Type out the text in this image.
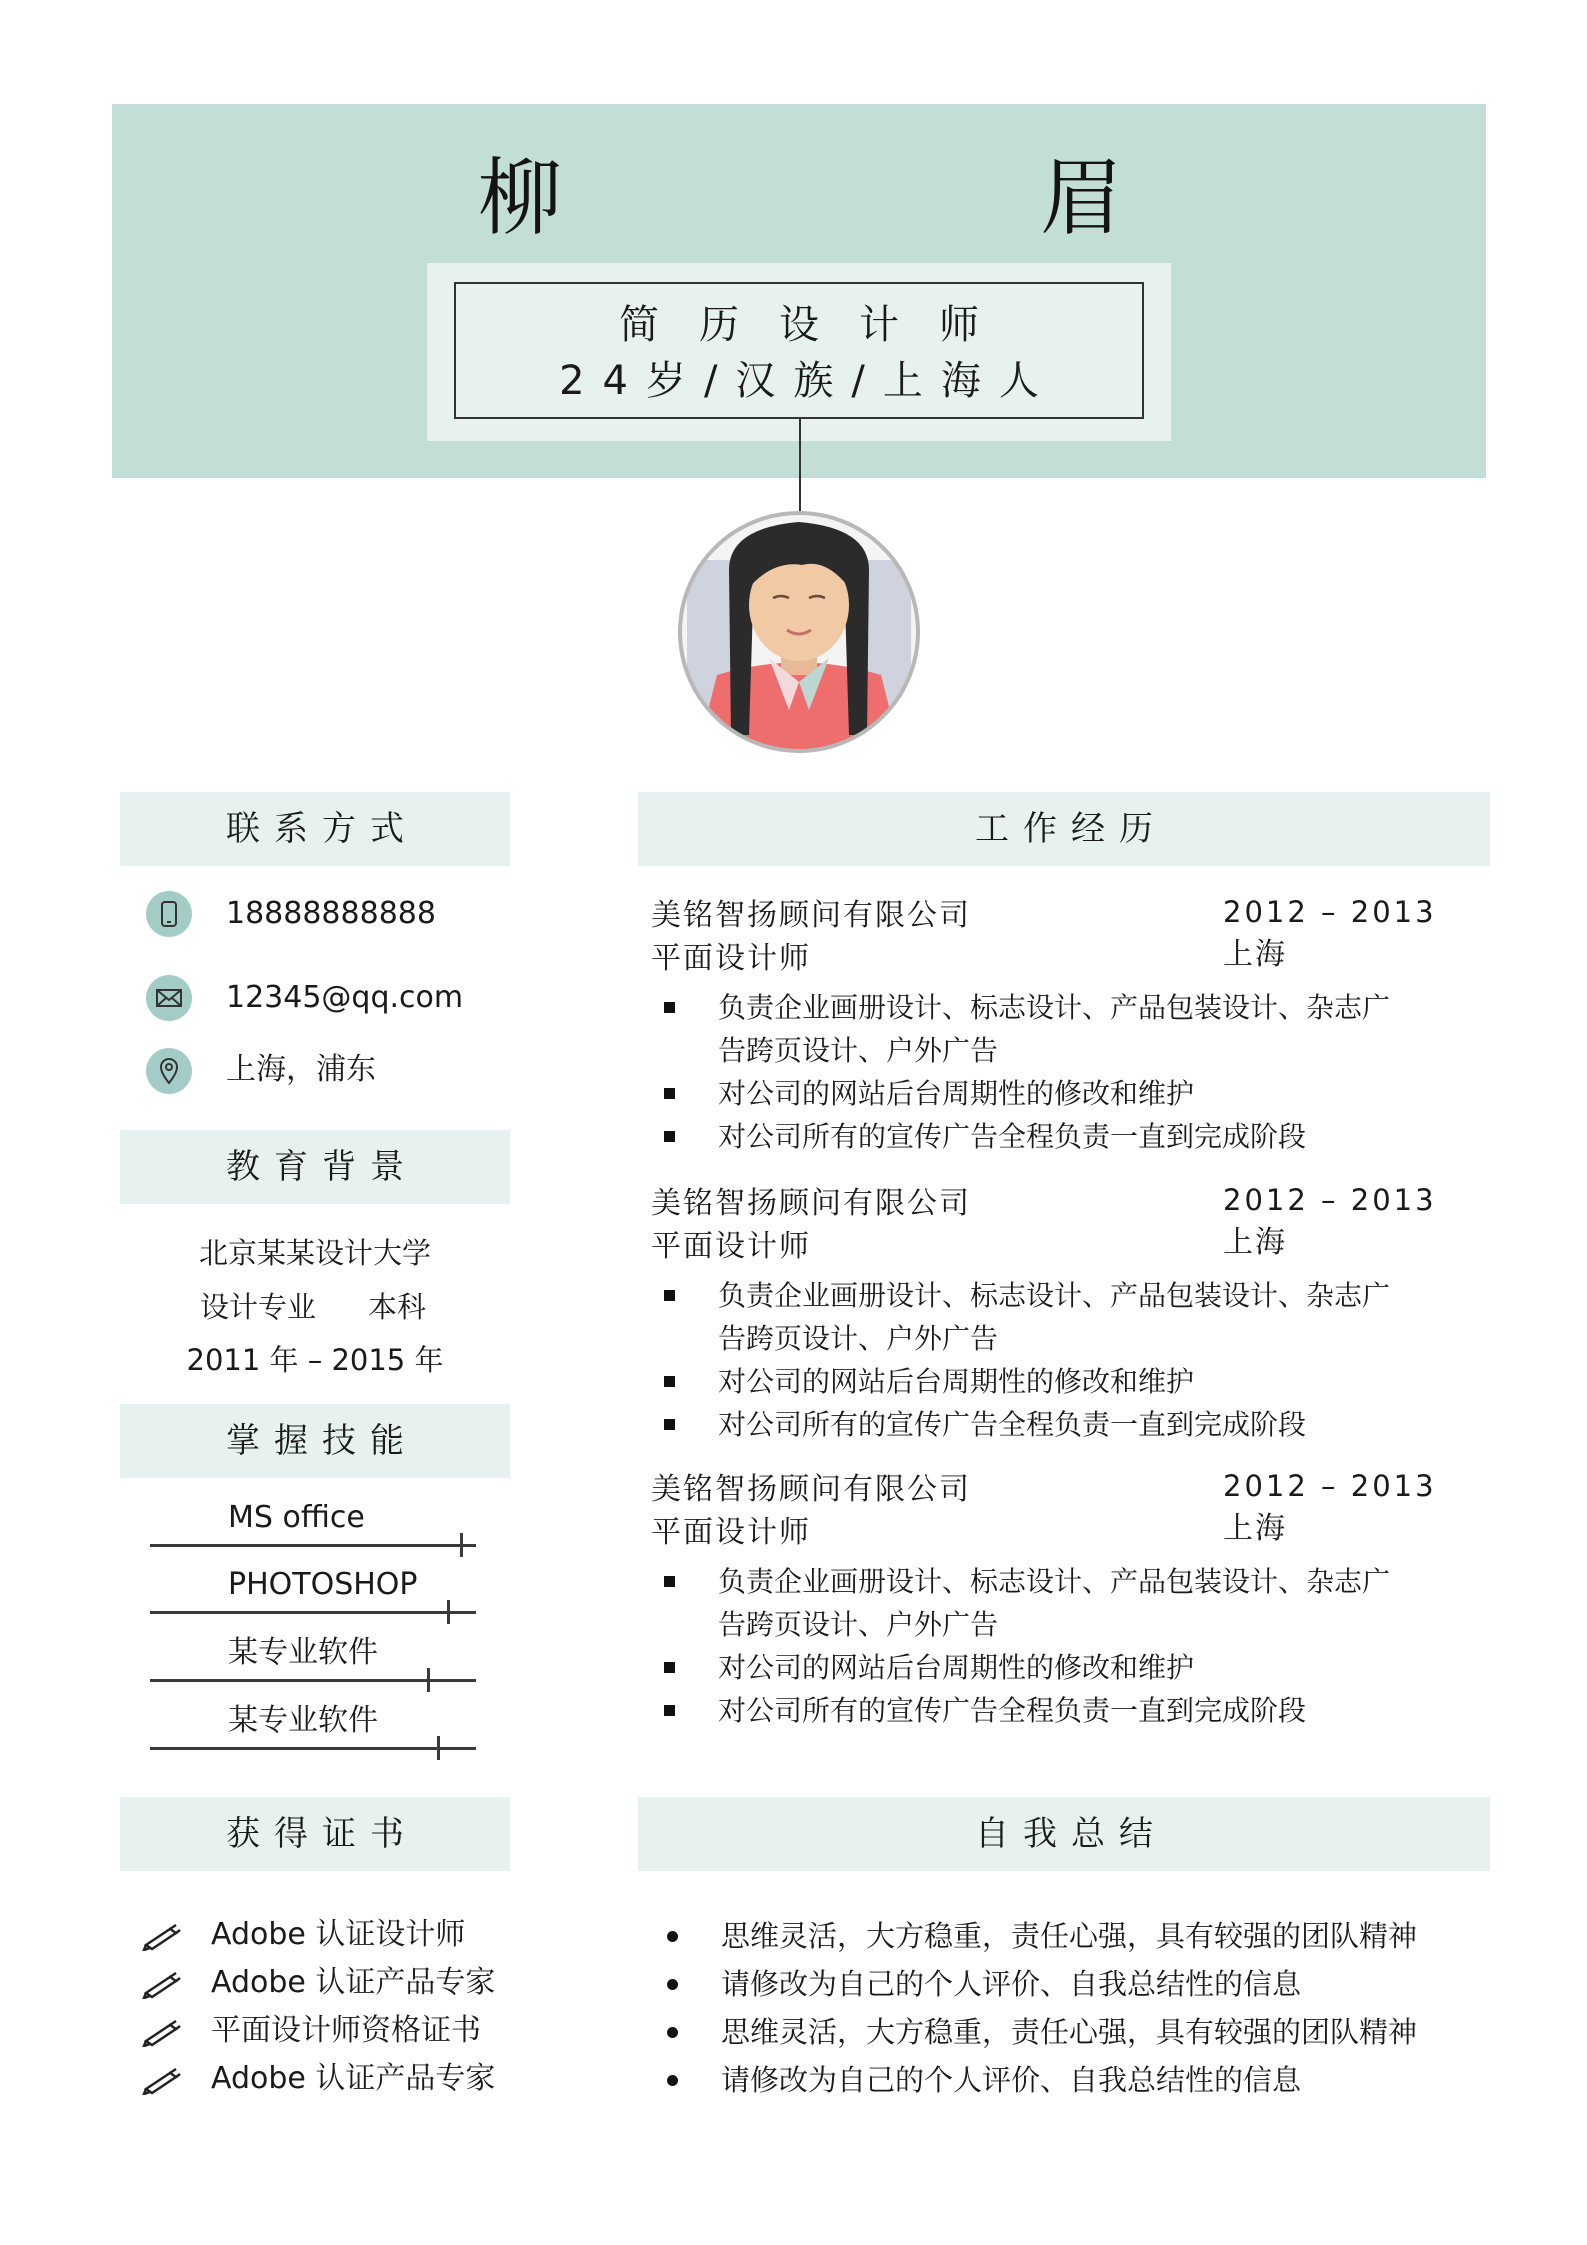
柳	眉
简历设计师
24岁/汉族/上海人
联系方式
18888888888
12345@qq.com
上海，浦东
教育背景
北京某某设计大学
设计专业 本科
2011 年 – 2015 年
掌握技能
MS office
PHOTOSHOP
某专业软件
某专业软件
获得证书
Adobe 认证设计师
Adobe 认证产品专家
平面设计师资格证书
Adobe 认证产品专家
工作经历
美铭智扬顾问有限公司	2012 – 2013
平面设计师	上海
负责企业画册设计、标志设计、产品包装设计、杂志广
告跨页设计、户外广告
对公司的网站后台周期性的修改和维护
对公司所有的宣传广告全程负责一直到完成阶段
美铭智扬顾问有限公司	2012 – 2013
平面设计师	上海
负责企业画册设计、标志设计、产品包装设计、杂志广
告跨页设计、户外广告
对公司的网站后台周期性的修改和维护
对公司所有的宣传广告全程负责一直到完成阶段
美铭智扬顾问有限公司	2012 – 2013
平面设计师	上海
负责企业画册设计、标志设计、产品包装设计、杂志广
告跨页设计、户外广告
对公司的网站后台周期性的修改和维护
对公司所有的宣传广告全程负责一直到完成阶段
自我总结
思维灵活，大方稳重，责任心强，具有较强的团队精神
请修改为自己的个人评价、自我总结性的信息
思维灵活，大方稳重，责任心强，具有较强的团队精神
请修改为自己的个人评价、自我总结性的信息
